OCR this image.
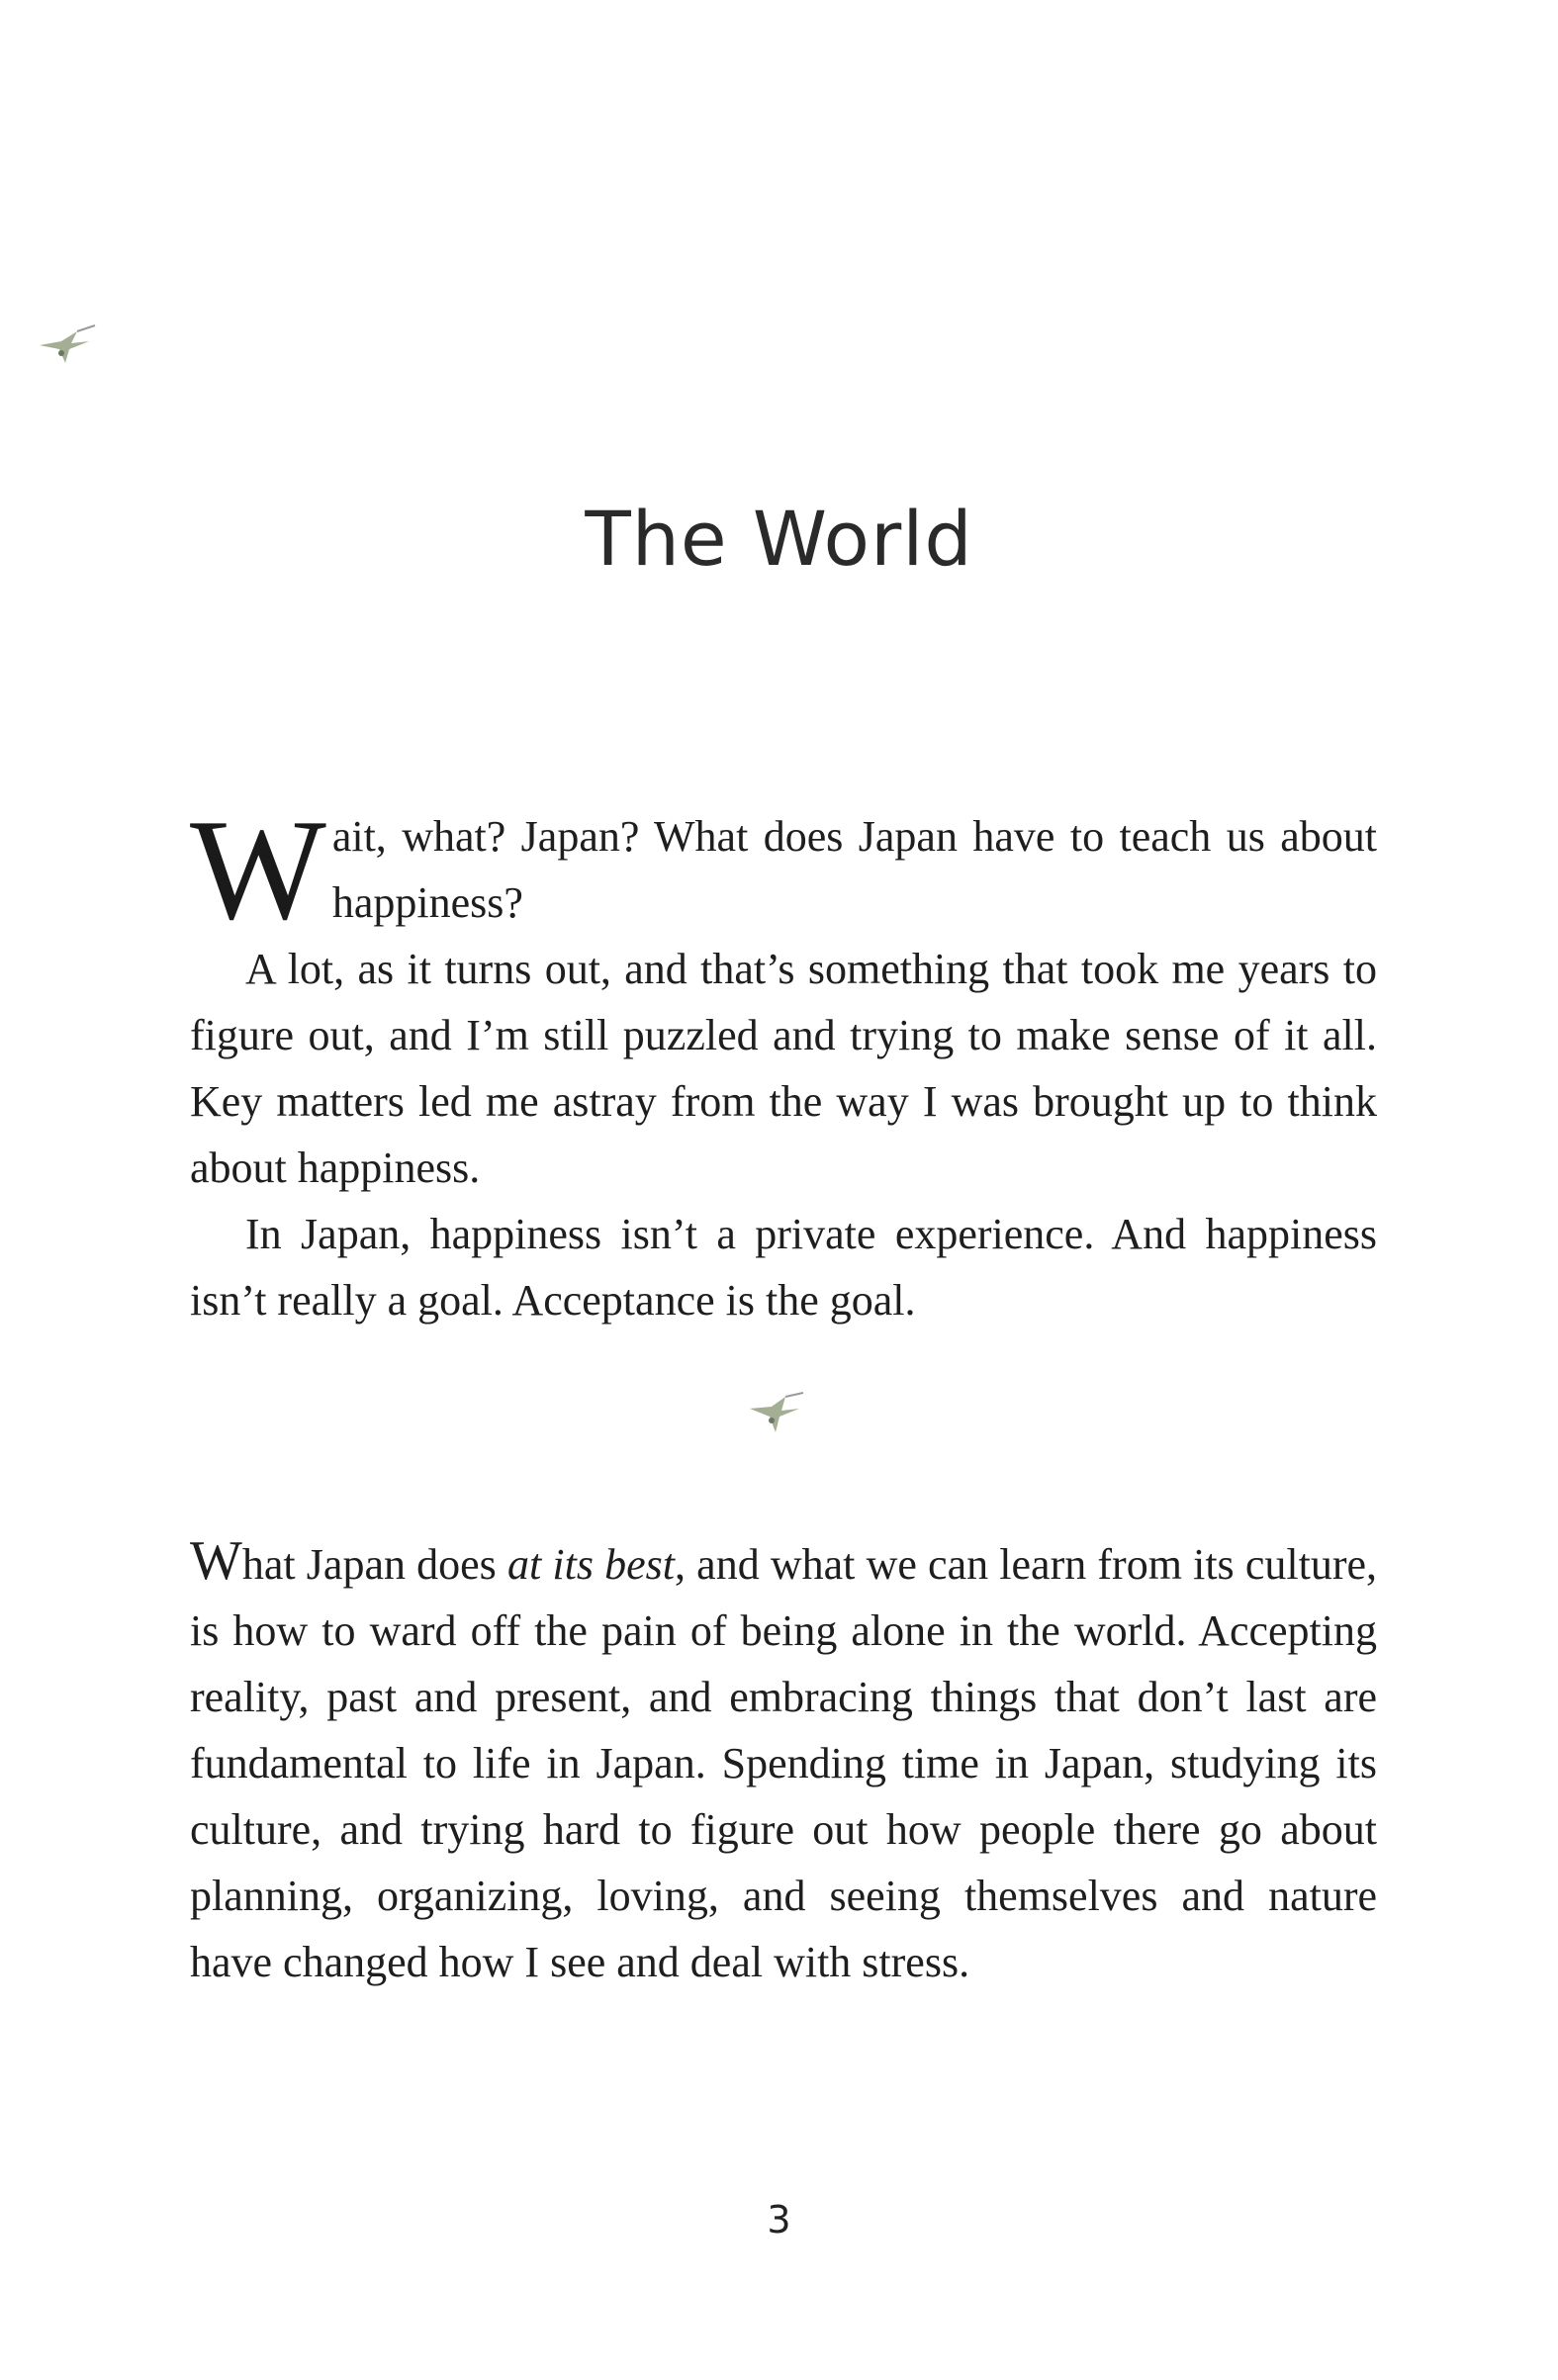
The World

Wait, what? Japan? What does Japan have to teach us about happiness?

A lot, as it turns out, and that’s something that took me years to figure out, and I’m still puzzled and trying to make sense of it all. Key matters led me astray from the way I was brought up to think about happiness.

In Japan, happiness isn’t a private experience. And happiness isn’t really a goal. Acceptance is the goal.

What Japan does at its best, and what we can learn from its culture, is how to ward off the pain of being alone in the world. Accepting reality, past and present, and embracing things that don’t last are fundamental to life in Japan. Spending time in Japan, studying its culture, and trying hard to figure out how people there go about planning, organizing, loving, and seeing themselves and nature have changed how I see and deal with stress.

3
